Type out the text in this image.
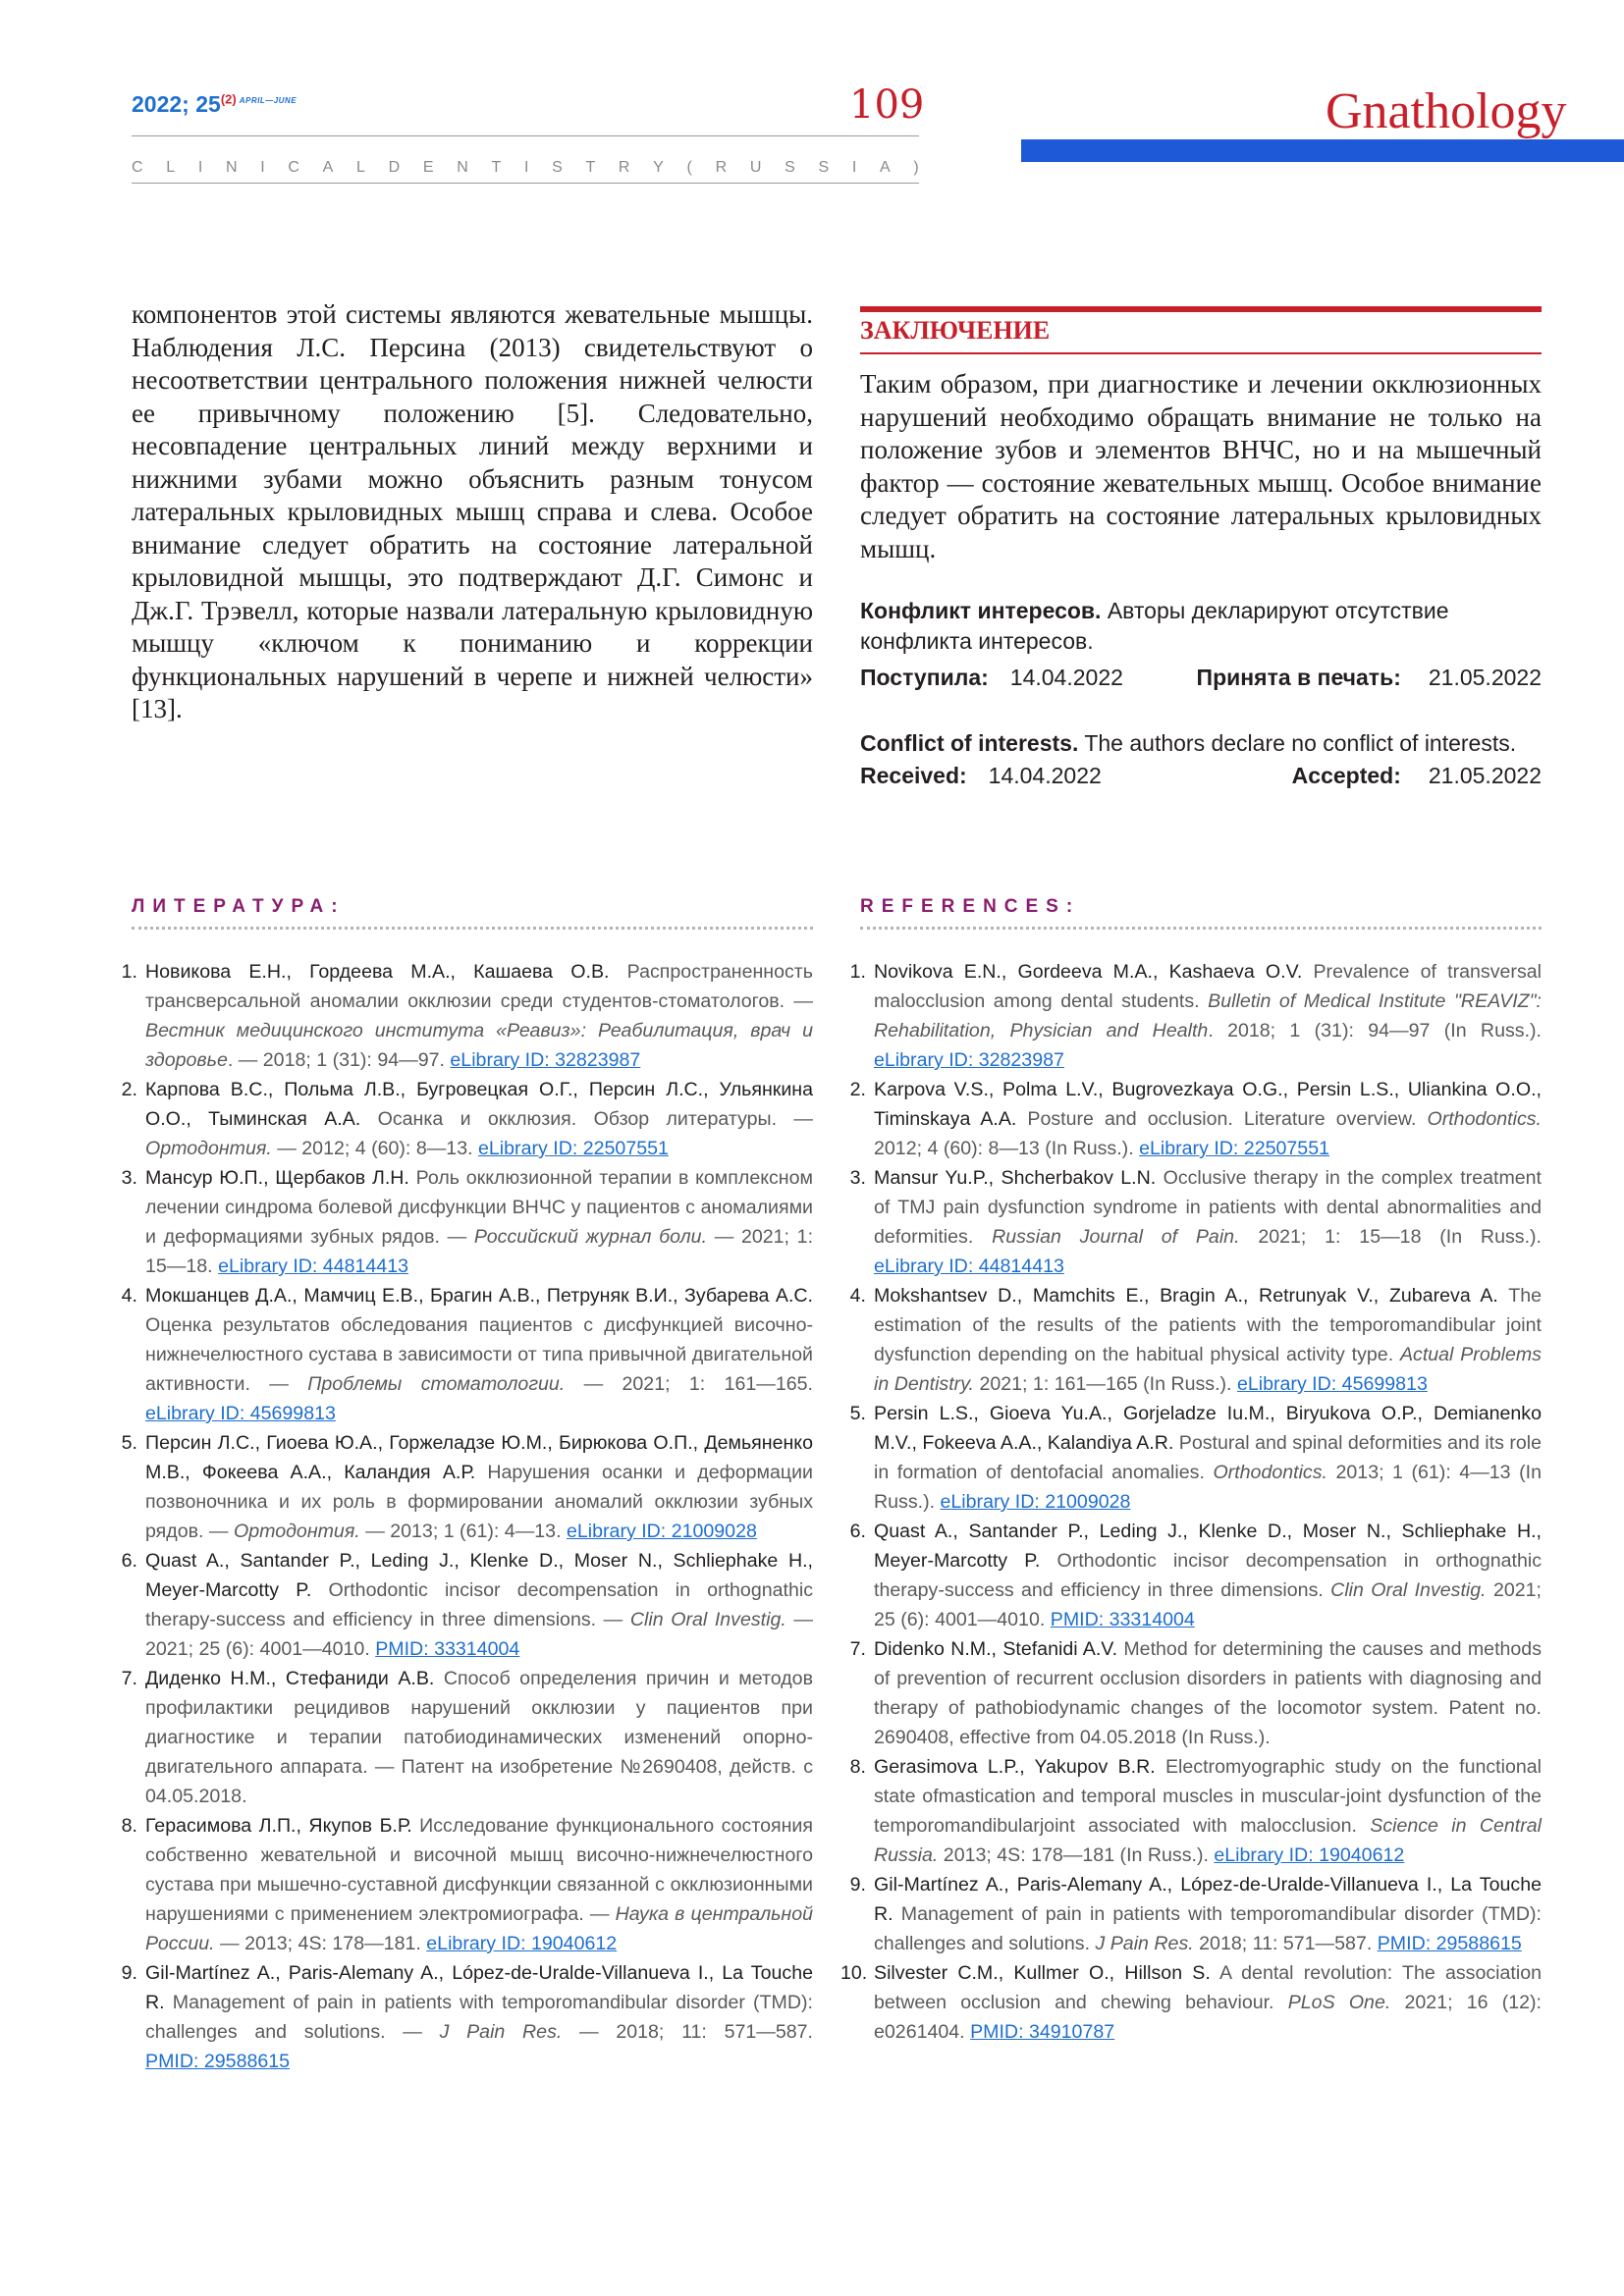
2022; 25$^{(2)}$ $^{APRIL—JUNE}$	109	Gnathology
C L I N I C A L D E N T I S T R Y ( R U S S I A )

компонентов этой системы являются жевательные мышцы. Наблюдения Л.С. Персина (2013) свидетельствуют о несоответствии центрального положения нижней челюсти ее привычному положению [5]. Следовательно, несовпадение центральных линий между верхними и нижними зубами можно объяснить разным тонусом латеральных крыловидных мышц справа и слева. Особое внимание следует обратить на состояние латеральной крыловидной мышцы, это подтверждают Д.Г. Симонс и Дж.Г. Трэвелл, которые назвали латеральную крыловидную мышцу «ключом к пониманию и коррекции функциональных нарушений в черепе и нижней челюсти» [13].

ЗАКЛЮЧЕНИЕ

Таким образом, при диагностике и лечении окклюзионных нарушений необходимо обращать внимание не только на положение зубов и элементов ВНЧС, но и на мышечный фактор — состояние жевательных мышц. Особое внимание следует обратить на состояние латеральных крыловидных мышц.

Конфликт интересов. Авторы декларируют отсутствие конфликта интересов.
Поступила: 14.04.2022	Принята в печать: 21.05.2022
Conflict of interests. The authors declare no conflict of interests.
Received: 14.04.2022	Accepted: 21.05.2022
ЛИТЕРАТУРА:	REFERENCES:
1. Новикова Е.Н., Гордеева М.А., Кашаева О.В. Распространенность трансверсальной аномалии окклюзии среди студентов-стоматологов. — Вестник медицинского института «Реавиз»: Реабилитация, врач и здоровье. — 2018; 1 (31): 94—97. eLibrary ID: 32823987
2. Карпова В.С., Польма Л.В., Бугровецкая О.Г., Персин Л.С., Ульянкина О.О., Тыминская А.А. Осанка и окклюзия. Обзор литературы. — Ортодонтия. — 2012; 4 (60): 8—13. eLibrary ID: 22507551
3. Мансур Ю.П., Щербаков Л.Н. Роль окклюзионной терапии в комплексном лечении синдрома болевой дисфункции ВНЧС у пациентов с аномалиями и деформациями зубных рядов. — Российский журнал боли. — 2021; 1: 15—18. eLibrary ID: 44814413
4. Мокшанцев Д.А., Мамчиц Е.В., Брагин А.В., Петруняк В.И., Зубарева А.С. Оценка результатов обследования пациентов с дисфункцией височно-нижнечелюстного сустава в зависимости от типа привычной двигательной активности. — Проблемы стоматологии. — 2021; 1: 161—165. eLibrary ID: 45699813
5. Персин Л.С., Гиоева Ю.А., Горжеладзе Ю.М., Бирюкова О.П., Демьяненко М.В., Фокеева А.А., Каландия А.Р. Нарушения осанки и деформации позвоночника и их роль в формировании аномалий окклюзии зубных рядов. — Ортодонтия. — 2013; 1 (61): 4—13. eLibrary ID: 21009028
6. Quast A., Santander P., Leding J., Klenke D., Moser N., Schliephake H., Meyer-Marcotty P. Orthodontic incisor decompensation in orthognathic therapy-success and efficiency in three dimensions. — Clin Oral Investig. — 2021; 25 (6): 4001—4010. PMID: 33314004
7. Диденко Н.М., Стефаниди А.В. Способ определения причин и методов профилактики рецидивов нарушений окклюзии у пациентов при диагностике и терапии патобиодинамических изменений опорно-двигательного аппарата. — Патент на изобретение №2690408, действ. с 04.05.2018.
8. Герасимова Л.П., Якупов Б.Р. Исследование функционального состояния собственно жевательной и височной мышц височно-нижнечелюстного сустава при мышечно-суставной дисфункции связанной с окклюзионными нарушениями с применением электромиографа. — Наука в центральной России. — 2013; 4S: 178—181. eLibrary ID: 19040612
9. Gil-Martínez A., Paris-Alemany A., López-de-Uralde-Villanueva I., La Touche R. Management of pain in patients with temporomandibular disorder (TMD): challenges and solutions. — J Pain Res. — 2018; 11: 571—587. PMID: 29588615
1. Novikova E.N., Gordeeva M.A., Kashaeva O.V. Prevalence of transversal malocclusion among dental students. Bulletin of Medical Institute "REAVIZ": Rehabilitation, Physician and Health. 2018; 1 (31): 94—97 (In Russ.). eLibrary ID: 32823987
2. Karpova V.S., Polma L.V., Bugrovezkaya O.G., Persin L.S., Uliankina O.O., Timinskaya A.A. Posture and occlusion. Literature overview. Orthodontics. 2012; 4 (60): 8—13 (In Russ.). eLibrary ID: 22507551
3. Mansur Yu.P., Shcherbakov L.N. Occlusive therapy in the complex treatment of TMJ pain dysfunction syndrome in patients with dental abnormalities and deformities. Russian Journal of Pain. 2021; 1: 15—18 (In Russ.). eLibrary ID: 44814413
4. Mokshantsev D., Mamchits E., Bragin A., Retrunyak V., Zubareva A. The estimation of the results of the patients with the temporomandibular joint dysfunction depending on the habitual physical activity type. Actual Problems in Dentistry. 2021; 1: 161—165 (In Russ.). eLibrary ID: 45699813
5. Persin L.S., Gioeva Yu.A., Gorjeladze Iu.M., Biryukova O.P., Demianenko M.V., Fokeeva A.A., Kalandiya A.R. Postural and spinal deformities and its role in formation of dentofacial anomalies. Orthodontics. 2013; 1 (61): 4—13 (In Russ.). eLibrary ID: 21009028
6. Quast A., Santander P., Leding J., Klenke D., Moser N., Schliephake H., Meyer-Marcotty P. Orthodontic incisor decompensation in orthognathic therapy-success and efficiency in three dimensions. Clin Oral Investig. 2021; 25 (6): 4001—4010. PMID: 33314004
7. Didenko N.M., Stefanidi A.V. Method for determining the causes and methods of prevention of recurrent occlusion disorders in patients with diagnosing and therapy of pathobiodynamic changes of the locomotor system. Patent no. 2690408, effective from 04.05.2018 (In Russ.).
8. Gerasimova L.P., Yakupov B.R. Electromyographic study on the functional state ofmastication and temporal muscles in muscular-joint dysfunction of the temporomandibularjoint associated with malocclusion. Science in Central Russia. 2013; 4S: 178—181 (In Russ.). eLibrary ID: 19040612
9. Gil-Martínez A., Paris-Alemany A., López-de-Uralde-Villanueva I., La Touche R. Management of pain in patients with temporomandibular disorder (TMD): challenges and solutions. J Pain Res. 2018; 11: 571—587. PMID: 29588615
10. Silvester C.M., Kullmer O., Hillson S. A dental revolution: The association between occlusion and chewing behaviour. PLoS One. 2021; 16 (12): e0261404. PMID: 34910787
